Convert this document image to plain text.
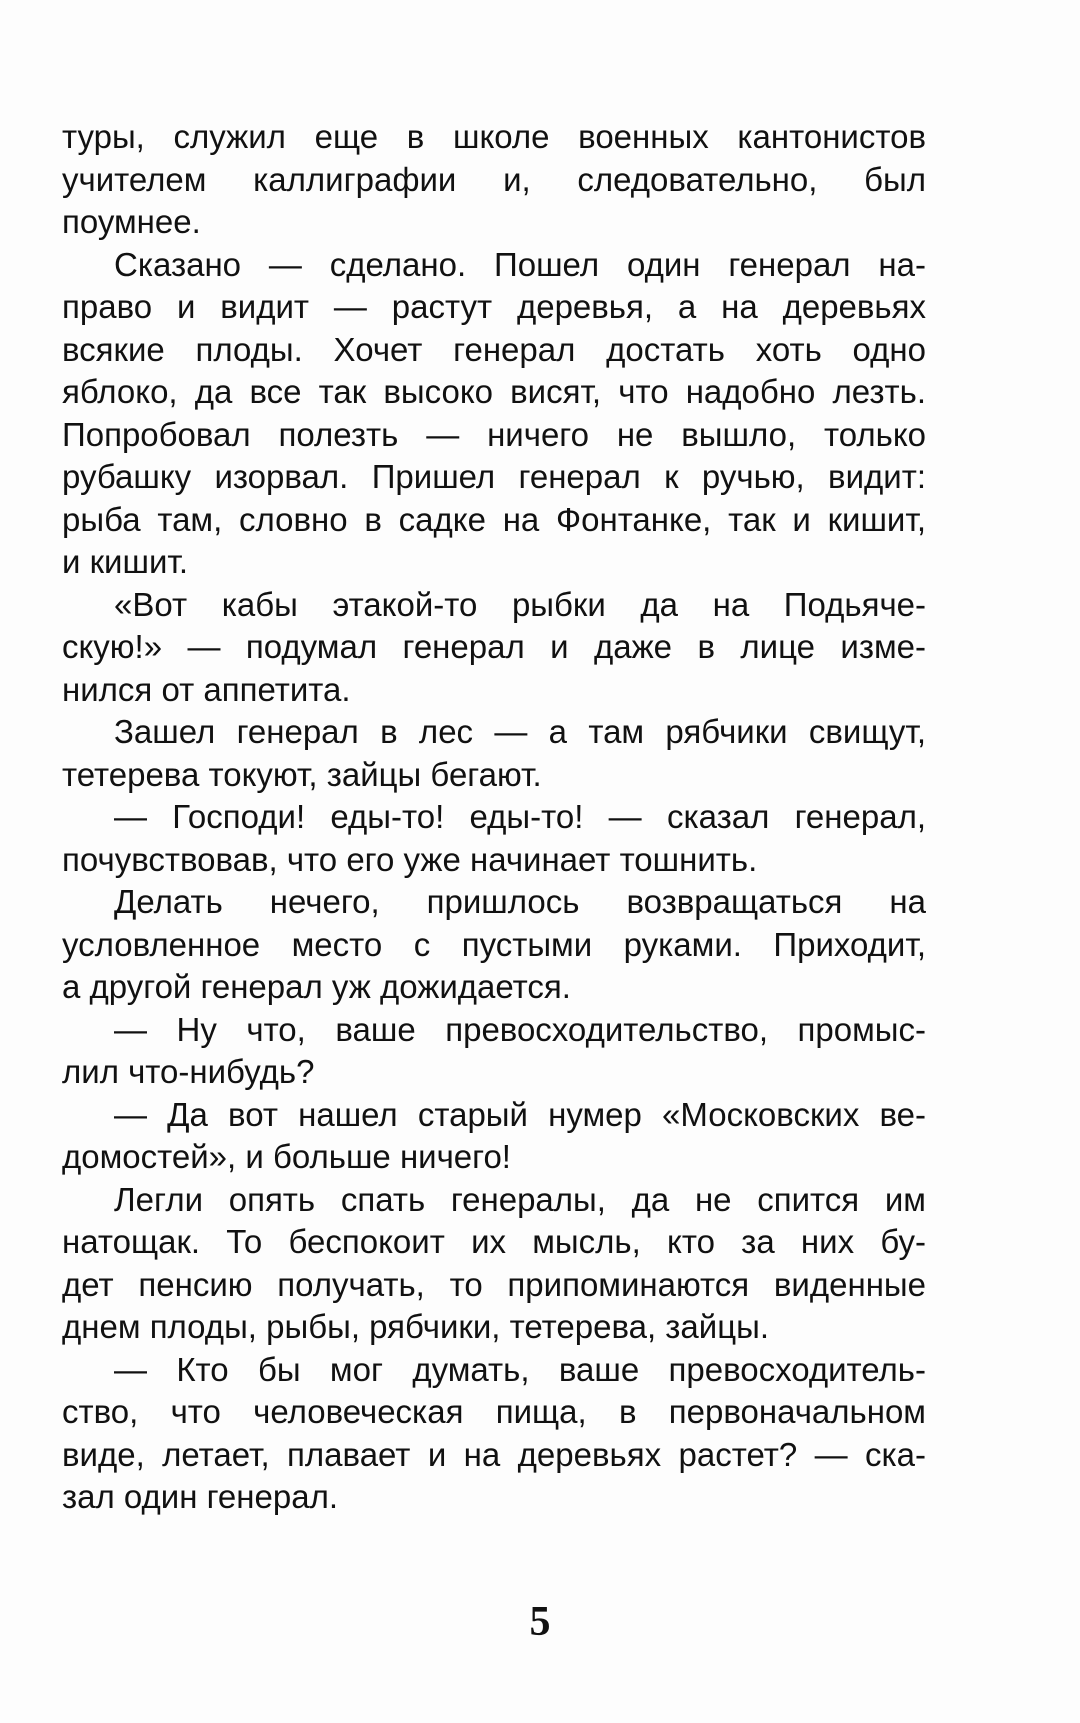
туры, служил еще в школе военных кантонистов
учителем каллиграфии и, следовательно, был
поумнее.
Сказано — сделано. Пошел один генерал на-
право и видит — растут деревья, а на деревьях
всякие плоды. Хочет генерал достать хоть одно
яблоко, да все так высоко висят, что надобно лезть.
Попробовал полезть — ничего не вышло, только
рубашку изорвал. Пришел генерал к ручью, видит:
рыба там, словно в садке на Фонтанке, так и кишит,
и кишит.
«Вот кабы этакой-то рыбки да на Подьяче-
скую!» — подумал генерал и даже в лице изме-
нился от аппетита.
Зашел генерал в лес — а там рябчики свищут,
тетерева токуют, зайцы бегают.
— Господи! еды-то! еды-то! — сказал генерал,
почувствовав, что его уже начинает тошнить.
Делать нечего, пришлось возвращаться на
условленное место с пустыми руками. Приходит,
а другой генерал уж дожидается.
— Ну что, ваше превосходительство, промыс-
лил что-нибудь?
— Да вот нашел старый нумер «Московских ве-
домостей», и больше ничего!
Легли опять спать генералы, да не спится им
натощак. То беспокоит их мысль, кто за них бу-
дет пенсию получать, то припоминаются виденные
днем плоды, рыбы, рябчики, тетерева, зайцы.
— Кто бы мог думать, ваше превосходитель-
ство, что человеческая пища, в первоначальном
виде, летает, плавает и на деревьях растет? — ска-
зал один генерал.
5
